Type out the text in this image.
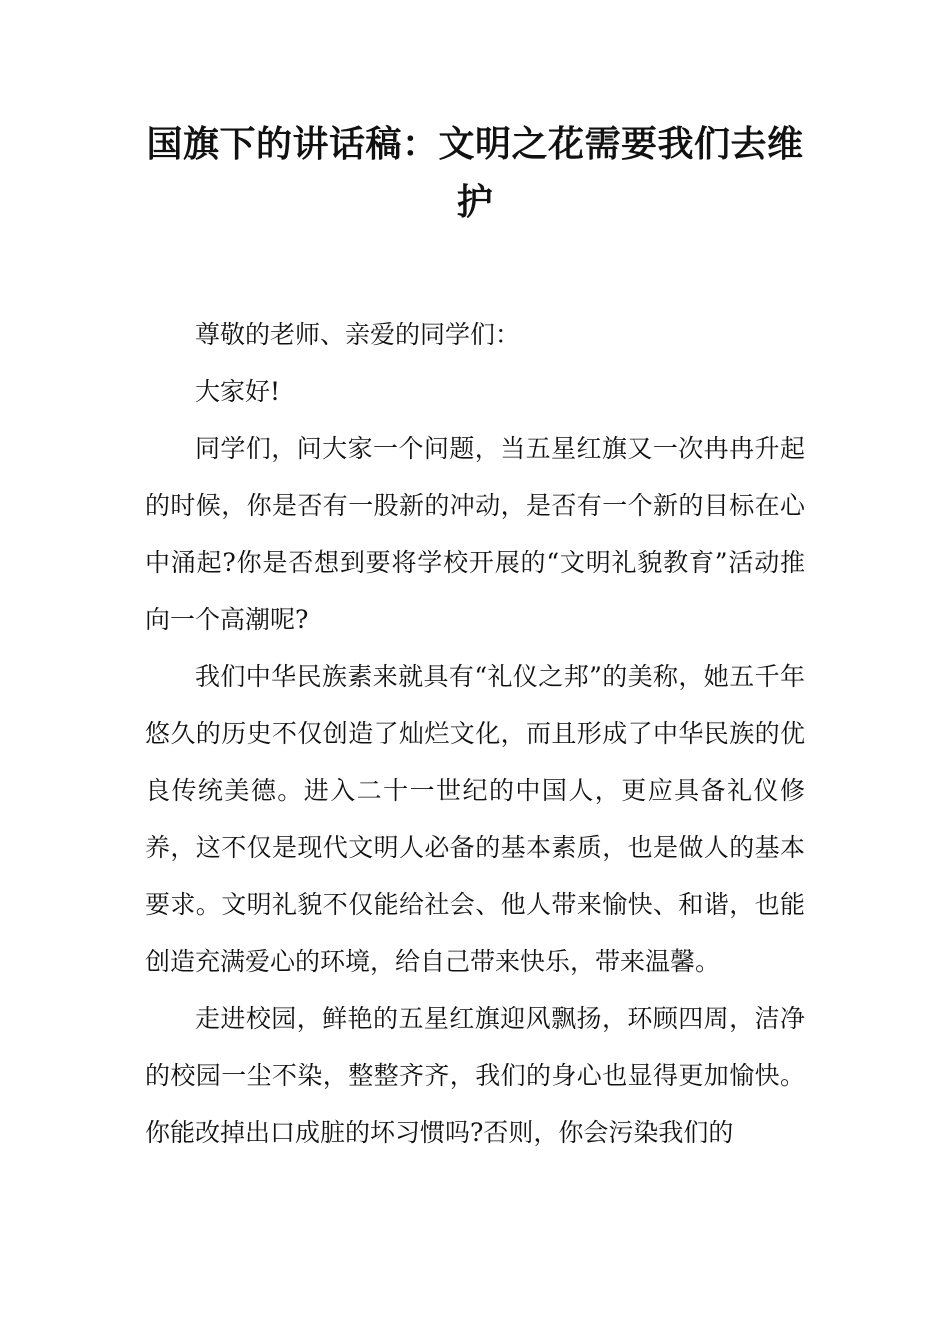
国旗下的讲话稿：文明之花需要我们去维护

尊敬的老师、亲爱的同学们：

大家好!

同学们，问大家一个问题，当五星红旗又一次冉冉升起的时候，你是否有一股新的冲动，是否有一个新的目标在心中涌起?你是否想到要将学校开展的“文明礼貌教育”活动推向一个高潮呢?

我们中华民族素来就具有“礼仪之邦”的美称，她五千年悠久的历史不仅创造了灿烂文化，而且形成了中华民族的优良传统美德。进入二十一世纪的中国人，更应具备礼仪修养，这不仅是现代文明人必备的基本素质，也是做人的基本要求。文明礼貌不仅能给社会、他人带来愉快、和谐，也能创造充满爱心的环境，给自己带来快乐，带来温馨。

走进校园，鲜艳的五星红旗迎风飘扬，环顾四周，洁净的校园一尘不染，整整齐齐，我们的身心也显得更加愉快。你能改掉出口成脏的坏习惯吗?否则，你会污染我们的
